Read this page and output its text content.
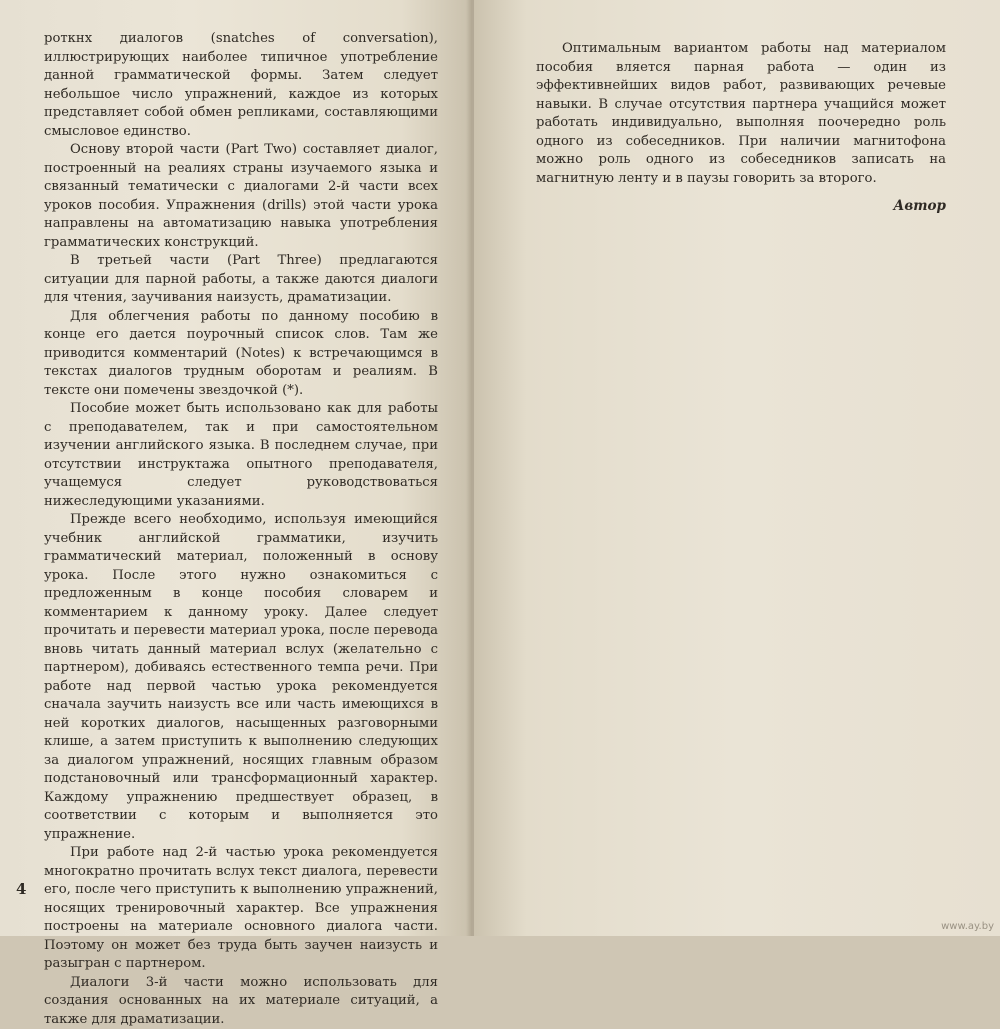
роткнх диалогов (snatches of conversation), иллюстрирующих наиболее типичное употребление данной грамматической формы. Затем следует небольшое число упражнений, каждое из которых представляет собой обмен репликами, составляющими смысловое единство.

Основу второй части (Part Two) составляет диалог, построенный на реалиях страны изучаемого языка и связанный тематически с диалогами 2-й части всех уроков пособия. Упражнения (drills) этой части урока направлены на автоматизацию навыка употребления грамматических конструкций.

В третьей части (Part Three) предлагаются ситуации для парной работы, а также даются диалоги для чтения, заучивания наизусть, драматизации.

Для облегчения работы по данному пособию в конце его дается поурочный список слов. Там же приводится комментарий (Notes) к встречающимся в текстах диалогов трудным оборотам и реалиям. В тексте они помечены звездочкой (*).

Пособие может быть использовано как для работы с преподавателем, так и при самостоятельном изучении английского языка. В последнем случае, при отсутствии инструктажа опытного преподавателя, учащемуся следует руководствоваться нижеследующими указаниями.

Прежде всего необходимо, используя имеющийся учебник английской грамматики, изучить грамматический материал, положенный в основу урока. После этого нужно ознакомиться с предложенным в конце пособия словарем и комментарием к данному уроку. Далее следует прочитать и перевести материал урока, после перевода вновь читать данный материал вслух (желательно с партнером), добиваясь естественного темпа речи. При работе над первой частью урока рекомендуется сначала заучить наизусть все или часть имеющихся в ней коротких диалогов, насыщенных разговорными клише, а затем приступить к выполнению следующих за диалогом упражнений, носящих главным образом подстановочный или трансформационный характер. Каждому упражнению предшествует образец, в соответствии с которым и выполняется это упражнение.

При работе над 2-й частью урока рекомендуется многократно прочитать вслух текст диалога, перевести его, после чего приступить к выполнению упражнений, носящих тренировочный характер. Все упражнения построены на материале основного диалога части. Поэтому он может без труда быть заучен наизусть и разыгран с партнером.

Диалоги 3-й части можно использовать для создания основанных на их материале ситуаций, а также для драматизации.

4

Оптимальным вариантом работы над материалом пособия вляется парная работа — один из эффективнейших видов работ, развивающих речевые навыки. В случае отсутствия партнера учащийся может работать индивидуально, выполняя поочередно роль одного из собеседников. При наличии магнитофона можно роль одного из собеседников записать на магнитную ленту и в паузы говорить за второго.

Автор

www.ay.by
